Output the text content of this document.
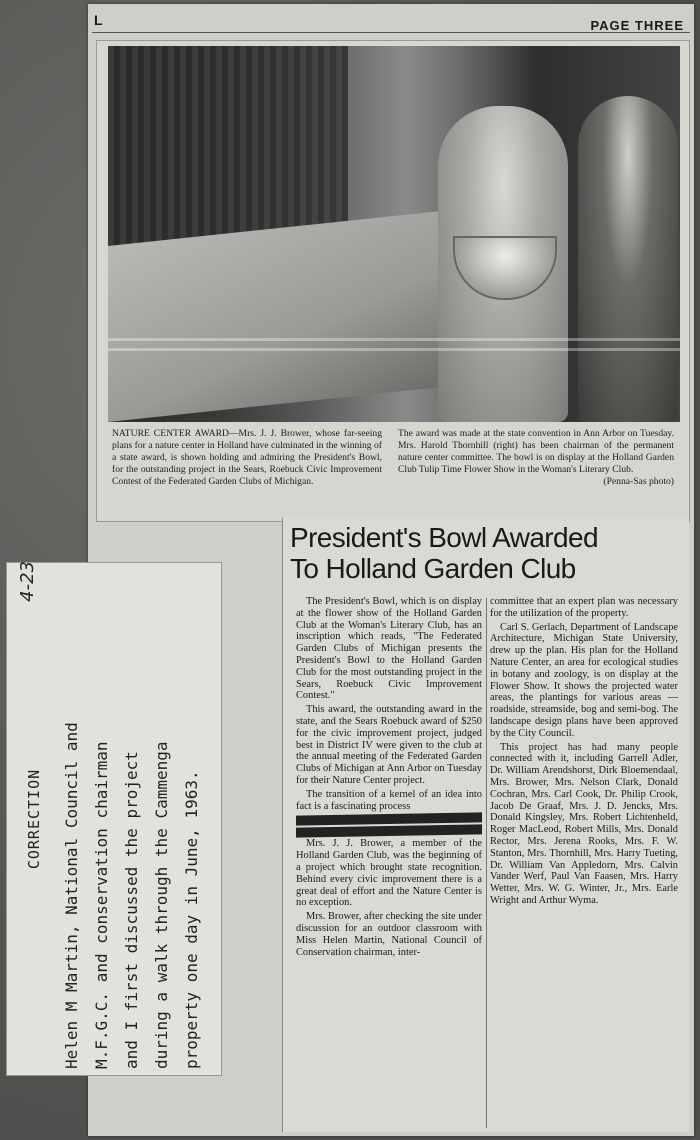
L	PAGE THREE
NATURE CENTER AWARD—Mrs. J. J. Brower, whose far-seeing plans for a nature center in Holland have culminated in the winning of a state award, is shown holding and admiring the President's Bowl, for the outstanding project in the Sears, Roebuck Civic Improvement Contest of the Federated Garden Clubs of Michigan.
The award was made at the state convention in Ann Arbor on Tuesday. Mrs. Harold Thornhill (right) has been chairman of the permanent nature center committee. The bowl is on display at the Holland Garden Club Tulip Time Flower Show in the Woman's Literary Club.
(Penna-Sas photo)
CORRECTION	Helen M Martin, National Council and M.F.G.C. and conservation chairman and I first discussed the project during a walk through the Cammenga property one day in June, 1963.
4-23
President's Bowl Awarded
To Holland Garden Club

The President's Bowl, which is on display at the flower show of the Holland Garden Club at the Woman's Literary Club, has an inscription which reads, "The Federated Garden Clubs of Michigan presents the President's Bowl to the Holland Garden Club for the most outstanding project in the Sears, Roebuck Civic Improvement Contest."

This award, the outstanding award in the state, and the Sears Roebuck award of $250 for the civic improvement project, judged best in District IV were given to the club at the annual meeting of the Federated Garden Clubs of Michigan at Ann Arbor on Tuesday for their Nature Center project.

The transition of a kernel of an idea into fact is a fascinating process

Mrs. J. J. Brower, a member of the Holland Garden Club, was the beginning of a project which brought state recognition. Behind every civic improvement there is a great deal of effort and the Nature Center is no exception.

Mrs. Brower, after checking the site under discussion for an outdoor classroom with Miss Helen Martin, National Council of Conservation chairman, inter-

committee that an expert plan was necessary for the utilization of the property.

Carl S. Gerlach, Department of Landscape Architecture, Michigan State University, drew up the plan. His plan for the Holland Nature Center, an area for ecological studies in botany and zoology, is on display at the Flower Show. It shows the projected water areas, the plantings for various areas — roadside, streamside, bog and semi-bog. The landscape design plans have been approved by the City Council.

This project has had many people connected with it, including Garrell Adler, Dr. William Arendshorst, Dirk Bloemendaal, Mrs. Brower, Mrs. Nelson Clark, Donald Cochran, Mrs. Carl Cook, Dr. Philip Crook, Jacob De Graaf, Mrs. J. D. Jencks, Mrs. Donald Kingsley, Mrs. Robert Lichtenheld, Roger MacLeod, Robert Mills, Mrs. Donald Rector, Mrs. Jerena Rooks, Mrs. F. W. Stanton, Mrs. Thornhill, Mrs. Harry Tueting, Dr. William Van Appledorn, Mrs. Calvin Vander Werf, Paul Van Faasen, Mrs. Harry Wetter, Mrs. W. G. Winter, Jr., Mrs. Earle Wright and Arthur Wyma.
